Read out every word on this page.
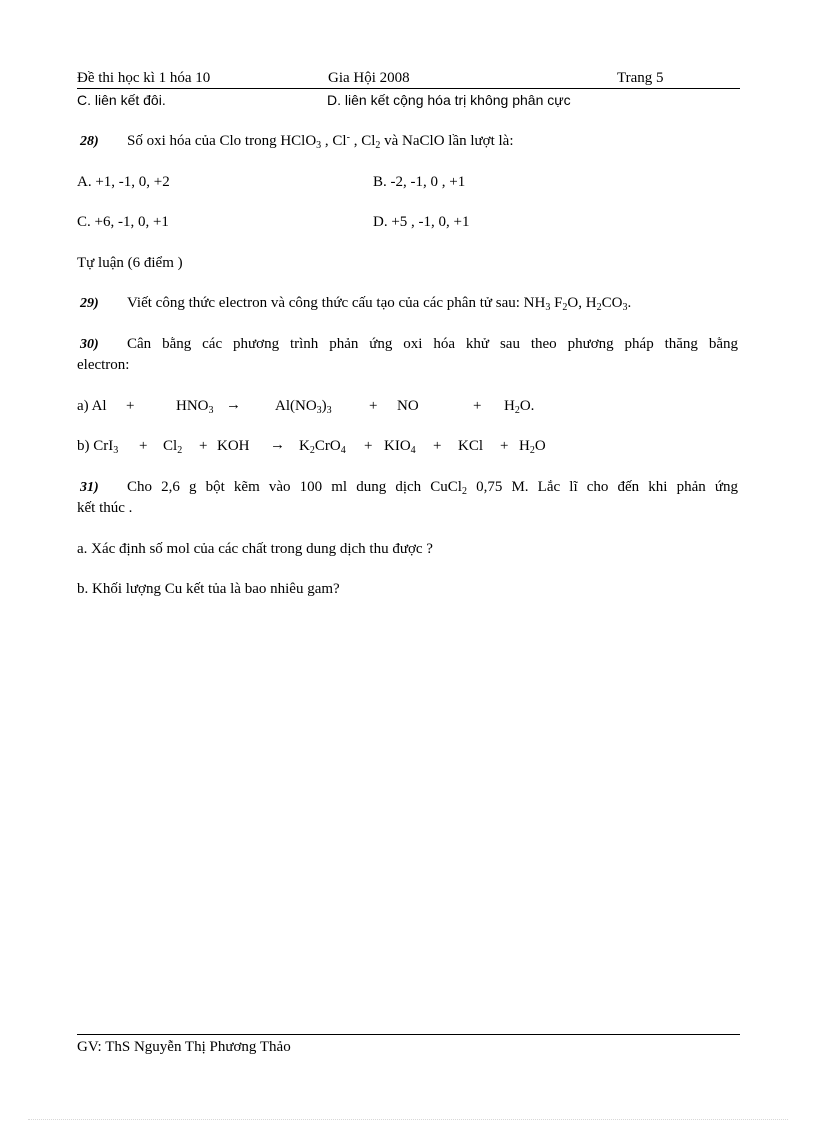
Đề thi học kì 1 hóa 10	Gia Hội 2008	Trang 5
C. liên kết đôi.	D. liên kết cộng hóa trị không phân cực
28) Số oxi hóa của Clo trong HClO$_3$ , Cl- , $Cl_2$ và NaClO lần lượt là:
A. +1, -1, 0, +2	B. -2, -1, 0 , +1
C. +6, -1, 0, +1	D. +5 , -1, 0, +1
Tự luận (6 điểm )
29) Viết công thức electron và công thức cấu tạo của các phân tử sau: $NH_3$ $F_2O$, $H_2CO_3$.
30) Cân bằng các phương trình phản ứng oxi hóa khử sau theo phương pháp thăng bằng
electron:
a) Al +	$HNO_3 \to Al(NO_3)_3$ + NO	+ $H_2O$.
b) $CrI_3 + Cl_2$ + KOH → $K_2CrO_4 + KIO_4$ + KCl + $H_2O$
31) Cho 2,6 g bột kẽm vào 100 ml dung dịch CuCl$_2$ 0,75 M. Lắc lĩ cho đến khi phản ứng
kết thúc .
a. Xác định số mol của các chất trong dung dịch thu được ?
b. Khối lượng Cu kết tủa là bao nhiêu gam?
GV: ThS Nguyễn Thị Phương Thảo
